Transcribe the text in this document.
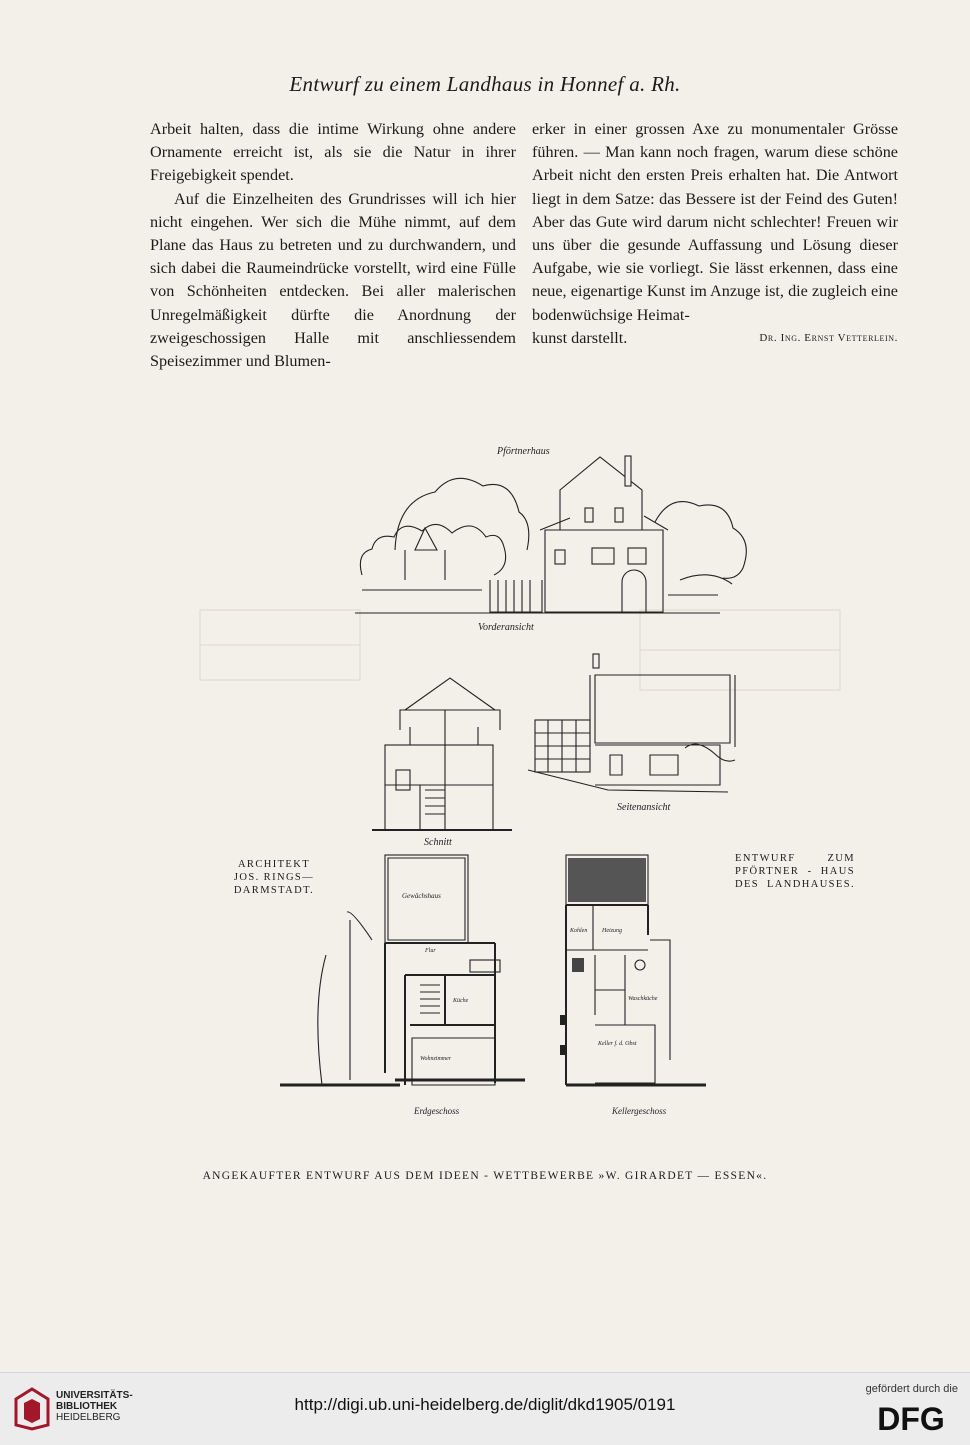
Entwurf zu einem Landhaus in Honnef a. Rh.

Arbeit halten, dass die intime Wirkung ohne andere Ornamente erreicht ist, als sie die Natur in ihrer Freigebigkeit spendet.

Auf die Einzelheiten des Grundrisses will ich hier nicht eingehen. Wer sich die Mühe nimmt, auf dem Plane das Haus zu betreten und zu durchwandern, und sich dabei die Raumeindrücke vorstellt, wird eine Fülle von Schönheiten entdecken. Bei aller malerischen Unregelmäßigkeit dürfte die Anordnung der zweigeschossigen Halle mit anschliessendem Speisezimmer und Blumen-

erker in einer grossen Axe zu monumentaler Grösse führen. — Man kann noch fragen, warum diese schöne Arbeit nicht den ersten Preis erhalten hat. Die Antwort liegt in dem Satze: das Bessere ist der Feind des Guten! Aber das Gute wird darum nicht schlechter! Freuen wir uns über die gesunde Auffassung und Lösung dieser Aufgabe, wie sie vorliegt. Sie lässt erkennen, dass eine neue, eigenartige Kunst im Anzuge ist, die zugleich eine bodenwüchsige Heimat-

kunst darstellt.	Dr. Ing. Ernst Vetterlein.
Pförtnerhaus
Vorderansicht
Schnitt
Seitenansicht
Gewächshaus
Flur
Küche
Wohnzimmer
Erdgeschoss
Kohlen Heizung
Waschküche
Keller f. d. Obst
Kellergeschoss
ARCHITEKT
JOS. RINGS—
DARMSTADT.
ENTWURF ZUM
PFÖRTNER - HAUS
DES LANDHAUSES.
ANGEKAUFTER ENTWURF AUS DEM IDEEN - WETTBEWERBE »W. GIRARDET — ESSEN«.
UNIVERSITÄTS-
BIBLIOTHEK
HEIDELBERG
http://digi.ub.uni-heidelberg.de/diglit/dkd1905/0191
gefördert durch die
DFG
